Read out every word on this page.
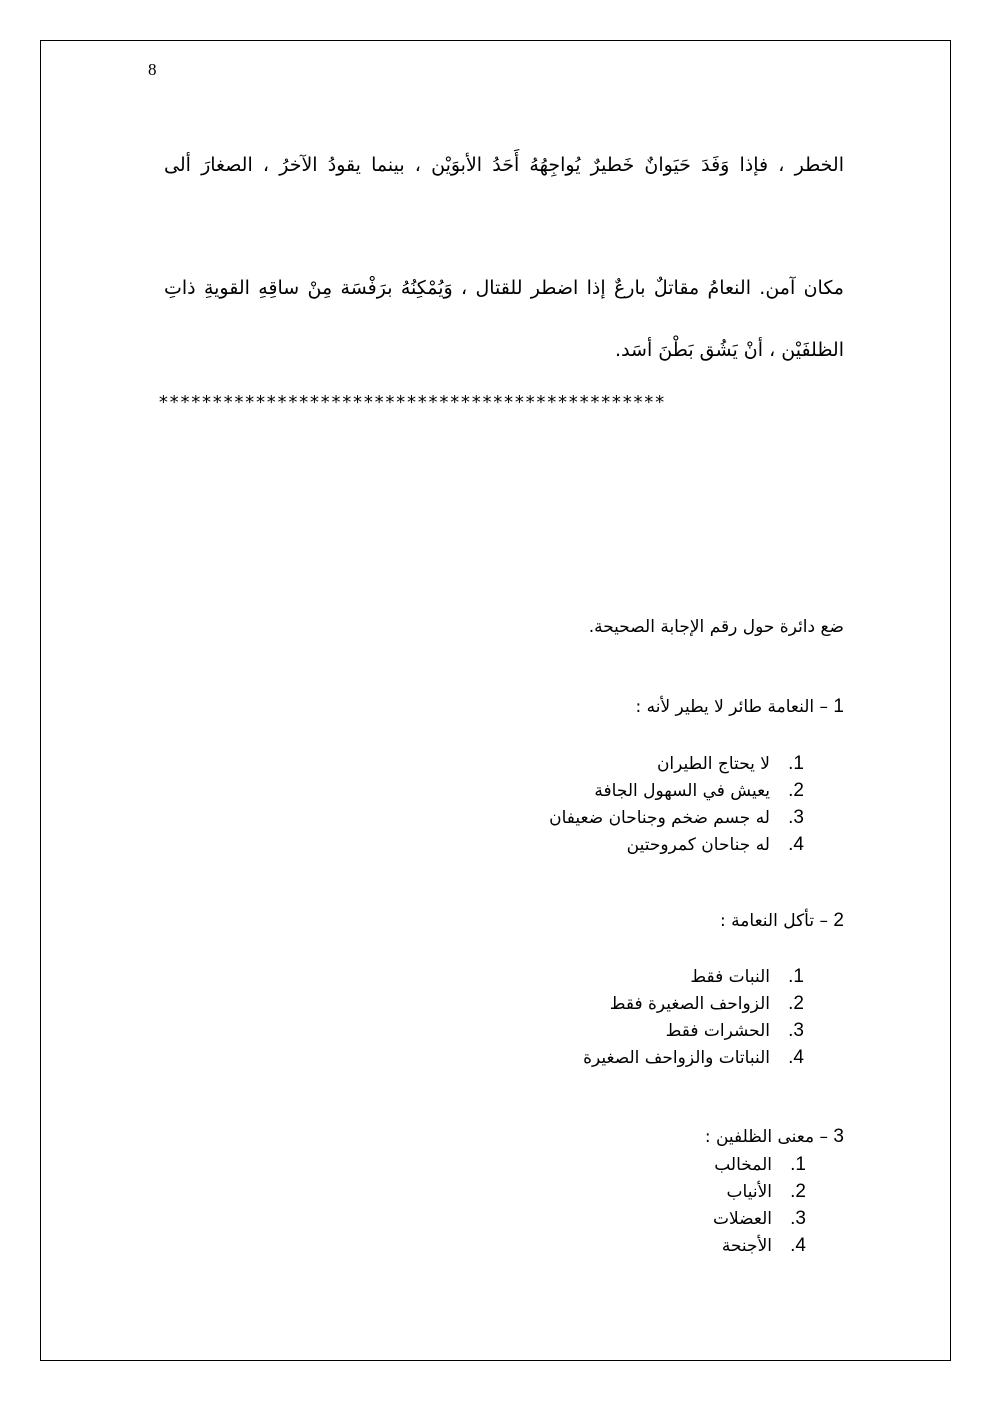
8
الخطر ، فإذا وَفَدَ حَيَوانٌ خَطيرٌ يُواجِهُهُ أَحَدُ الأبوَيْن ، بينما يقودُ الآخرُ ، الصغارَ ألى
مكان آمن. النعامُ مقاتلٌ بارعٌ إذا اضطر للقتال ، وَيُمْكِنُهُ برَفْسَة مِنْ ساقِهِ القويةِ ذاتِ
الظلفَيْن ، أنْ يَشُق بَطْنَ أسَد.
***********************************************
ضع دائرة حول رقم الإجابة الصحيحة.
1 – النعامة طائر لا يطير لأنه :
1.لا يحتاج الطيران
2.يعيش في السهول الجافة
3.له جسم ضخم وجناحان ضعيفان
4.له جناحان كمروحتين
2 – تأكل النعامة :
1.النبات فقط
2.الزواحف الصغيرة فقط
3.الحشرات فقط
4.النباتات والزواحف الصغيرة
3 – معنى الظلفين :
1.المخالب
2.الأنياب
3.العضلات
4.الأجنحة
